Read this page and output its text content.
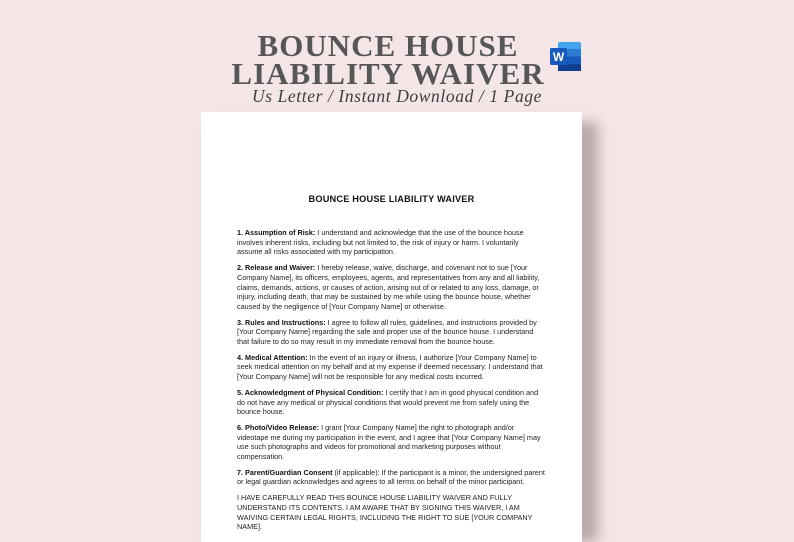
BOUNCE HOUSE
LIABILITY WAIVER

Us Letter / Instant Download / 1 Page

W
BOUNCE HOUSE LIABILITY WAIVER

1. Assumption of Risk: I understand and acknowledge that the use of the bounce house involves inherent risks, including but not limited to, the risk of injury or harm. I voluntarily assume all risks associated with my participation.

2. Release and Waiver: I hereby release, waive, discharge, and covenant not to sue [Your Company Name], its officers, employees, agents, and representatives from any and all liability, claims, demands, actions, or causes of action, arising out of or related to any loss, damage, or injury, including death, that may be sustained by me while using the bounce house, whether caused by the negligence of [Your Company Name] or otherwise.

3. Rules and Instructions: I agree to follow all rules, guidelines, and instructions provided by [Your Company Name] regarding the safe and proper use of the bounce house. I understand that failure to do so may result in my immediate removal from the bounce house.

4. Medical Attention: In the event of an injury or illness, I authorize [Your Company Name] to seek medical attention on my behalf and at my expense if deemed necessary. I understand that [Your Company Name] will not be responsible for any medical costs incurred.

5. Acknowledgment of Physical Condition: I certify that I am in good physical condition and do not have any medical or physical conditions that would prevent me from safely using the bounce house.

6. Photo/Video Release: I grant [Your Company Name] the right to photograph and/or videotape me during my participation in the event, and I agree that [Your Company Name] may use such photographs and videos for promotional and marketing purposes without compensation.

7. Parent/Guardian Consent (if applicable): If the participant is a minor, the undersigned parent or legal guardian acknowledges and agrees to all terms on behalf of the minor participant.

I HAVE CAREFULLY READ THIS BOUNCE HOUSE LIABILITY WAIVER AND FULLY UNDERSTAND ITS CONTENTS. I AM AWARE THAT BY SIGNING THIS WAIVER, I AM WAIVING CERTAIN LEGAL RIGHTS, INCLUDING THE RIGHT TO SUE [YOUR COMPANY NAME].
